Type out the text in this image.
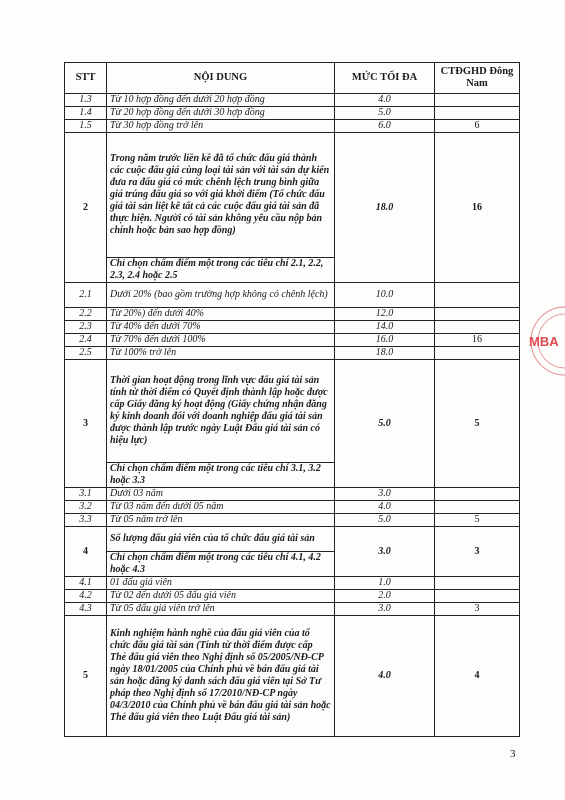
STT	NỘI DUNG	MỨC TỐI ĐA	CTĐGHD Đông Nam
1.3	Từ 10 hợp đồng đến dưới 20 hợp đồng	4.0	
1.4	Từ 20 hợp đồng đến dưới 30 hợp đồng	5.0	
1.5	Từ 30 hợp đồng trở lên	6.0	6
2	Trong năm trước liền kề đã tổ chức đấu giá thành các cuộc đấu giá cùng loại tài sản với tài sản dự kiến đưa ra đấu giá có mức chênh lệch trung bình giữa giá trúng đấu giá so với giá khởi điểm (Tổ chức đấu giá tài sản liệt kê tất cả các cuộc đấu giá tài sản đã thực hiện. Người có tài sản không yêu cầu nộp bản chính hoặc bản sao hợp đồng)	18.0	16
	Chỉ chọn chấm điểm một trong các tiêu chí 2.1, 2.2, 2.3, 2.4 hoặc 2.5		
2.1	Dưới 20% (bao gồm trường hợp không có chênh lệch)	10.0	
2.2	Từ 20%) đến dưới 40%	12.0	
2.3	Từ 40% đến dưới 70%	14.0	
2.4	Từ 70% đến dưới 100%	16.0	16
2.5	Từ 100% trở lên	18.0	
3	Thời gian hoạt động trong lĩnh vực đấu giá tài sản tính từ thời điểm có Quyết định thành lập hoặc được cấp Giấy đăng ký hoạt động (Giấy chứng nhận đăng ký kinh doanh đối với doanh nghiệp đấu giá tài sản được thành lập trước ngày Luật Đấu giá tài sản có hiệu lực)	5.0	5
	Chỉ chọn chấm điểm một trong các tiêu chí 3.1, 3.2 hoặc 3.3		
3.1	Dưới 03 năm	3.0	
3.2	Từ 03 năm đến dưới 05 năm	4.0	
3.3	Từ 05 năm trở lên	5.0	5
4	Số lượng đấu giá viên của tổ chức đấu giá tài sản	3.0	3
	Chỉ chọn chấm điểm một trong các tiêu chí 4.1, 4.2 hoặc 4.3		
4.1	01 đấu giá viên	1.0	
4.2	Từ 02 đến dưới 05 đấu giá viên	2.0	
4.3	Từ 05 đấu giá viên trở lên	3.0	3
5	Kinh nghiệm hành nghề của đấu giá viên của tổ chức đấu giá tài sản (Tính từ thời điểm được cấp Thẻ đấu giá viên theo Nghị định số 05/2005/NĐ-CP ngày 18/01/2005 của Chính phủ về bán đấu giá tài sản hoặc đăng ký danh sách đấu giá viên tại Sở Tư pháp theo Nghị định số 17/2010/NĐ-CP ngày 04/3/2010 của Chính phủ về bán đấu giá tài sản hoặc Thẻ đấu giá viên theo Luật Đấu giá tài sản)	4.0	4
MBA
3
